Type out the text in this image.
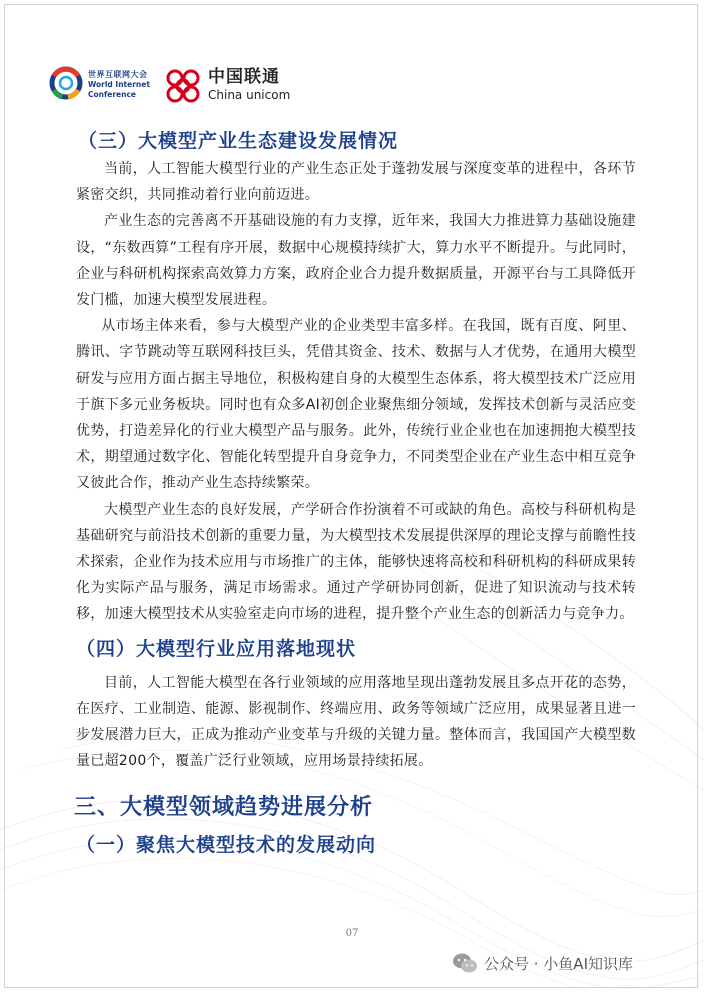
世界互联网大会
World Internet
Conference
中国联通
China unicom
（三）大模型产业生态建设发展情况

当前，人工智能大模型行业的产业生态正处于蓬勃发展与深度变革的进程中，各环节紧密交织，共同推动着行业向前迈进。

产业生态的完善离不开基础设施的有力支撑，近年来，我国大力推进算力基础设施建设，“东数西算”工程有序开展，数据中心规模持续扩大，算力水平不断提升。与此同时，企业与科研机构探索高效算力方案，政府企业合力提升数据质量，开源平台与工具降低开发门槛，加速大模型发展进程。

从市场主体来看，参与大模型产业的企业类型丰富多样。在我国，既有百度、阿里、腾讯、字节跳动等互联网科技巨头，凭借其资金、技术、数据与人才优势，在通用大模型研发与应用方面占据主导地位，积极构建自身的大模型生态体系，将大模型技术广泛应用于旗下多元业务板块。同时也有众多AI初创企业聚焦细分领域，发挥技术创新与灵活应变优势，打造差异化的行业大模型产品与服务。此外，传统行业企业也在加速拥抱大模型技术，期望通过数字化、智能化转型提升自身竞争力，不同类型企业在产业生态中相互竞争又彼此合作，推动产业生态持续繁荣。

大模型产业生态的良好发展，产学研合作扮演着不可或缺的角色。高校与科研机构是基础研究与前沿技术创新的重要力量，为大模型技术发展提供深厚的理论支撑与前瞻性技术探索，企业作为技术应用与市场推广的主体，能够快速将高校和科研机构的科研成果转化为实际产品与服务，满足市场需求。通过产学研协同创新，促进了知识流动与技术转移，加速大模型技术从实验室走向市场的进程，提升整个产业生态的创新活力与竞争力。

（四）大模型行业应用落地现状

目前，人工智能大模型在各行业领域的应用落地呈现出蓬勃发展且多点开花的态势，在医疗、工业制造、能源、影视制作、终端应用、政务等领域广泛应用，成果显著且进一步发展潜力巨大，正成为推动产业变革与升级的关键力量。整体而言，我国国产大模型数量已超200个，覆盖广泛行业领域，应用场景持续拓展。

三、大模型领域趋势进展分析
（一）聚焦大模型技术的发展动向
07
公众号 · 小鱼AI知识库
